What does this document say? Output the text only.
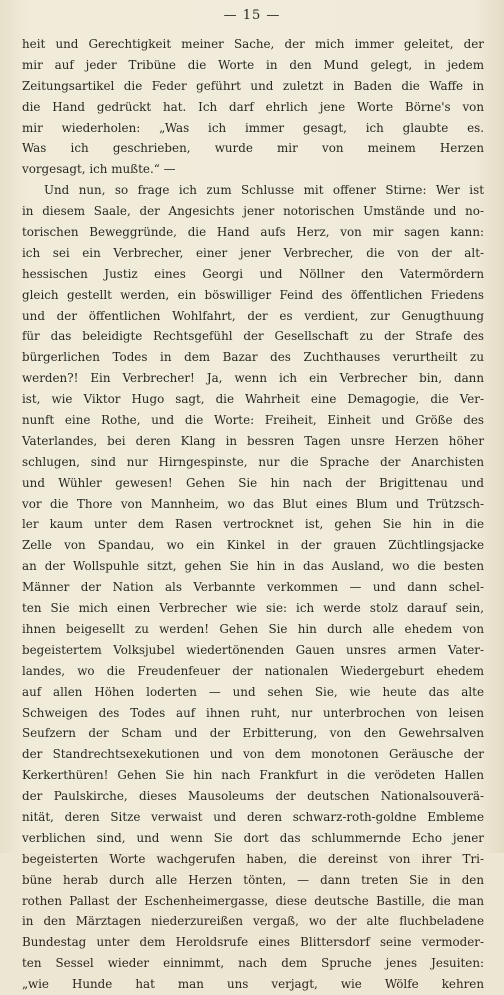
— 15 —
heit und Gerechtigkeit meiner Sache, der mich immer geleitet, der
mir auf jeder Tribüne die Worte in den Mund gelegt, in jedem
Zeitungsartikel die Feder geführt und zuletzt in Baden die Waffe in
die Hand gedrückt hat. Ich darf ehrlich jene Worte Börne's von
mir wiederholen: „Was ich immer gesagt, ich glaubte es.
Was ich geschrieben, wurde mir von meinem Herzen
vorgesagt, ich mußte.“ —
Und nun, so frage ich zum Schlusse mit offener Stirne: Wer ist
in diesem Saale, der Angesichts jener notorischen Umstände und no-
torischen Beweggründe, die Hand aufs Herz, von mir sagen kann:
ich sei ein Verbrecher, einer jener Verbrecher, die von der alt-
hessischen Justiz eines Georgi und Nöllner den Vatermördern
gleich gestellt werden, ein böswilliger Feind des öffentlichen Friedens
und der öffentlichen Wohlfahrt, der es verdient, zur Genugthuung
für das beleidigte Rechtsgefühl der Gesellschaft zu der Strafe des
bürgerlichen Todes in dem Bazar des Zuchthauses verurtheilt zu
werden?! Ein Verbrecher! Ja, wenn ich ein Verbrecher bin, dann
ist, wie Viktor Hugo sagt, die Wahrheit eine Demagogie, die Ver-
nunft eine Rothe, und die Worte: Freiheit, Einheit und Größe des
Vaterlandes, bei deren Klang in bessren Tagen unsre Herzen höher
schlugen, sind nur Hirngespinste, nur die Sprache der Anarchisten
und Wühler gewesen! Gehen Sie hin nach der Brigittenau und
vor die Thore von Mannheim, wo das Blut eines Blum und Trützsch-
ler kaum unter dem Rasen vertrocknet ist, gehen Sie hin in die
Zelle von Spandau, wo ein Kinkel in der grauen Züchtlingsjacke
an der Wollspuhle sitzt, gehen Sie hin in das Ausland, wo die besten
Männer der Nation als Verbannte verkommen — und dann schel-
ten Sie mich einen Verbrecher wie sie: ich werde stolz darauf sein,
ihnen beigesellt zu werden! Gehen Sie hin durch alle ehedem von
begeistertem Volksjubel wiedertönenden Gauen unsres armen Vater-
landes, wo die Freudenfeuer der nationalen Wiedergeburt ehedem
auf allen Höhen loderten — und sehen Sie, wie heute das alte
Schweigen des Todes auf ihnen ruht, nur unterbrochen von leisen
Seufzern der Scham und der Erbitterung, von den Gewehrsalven
der Standrechtsexekutionen und von dem monotonen Geräusche der
Kerkerthüren! Gehen Sie hin nach Frankfurt in die verödeten Hallen
der Paulskirche, dieses Mausoleums der deutschen Nationalsouverä-
nität, deren Sitze verwaist und deren schwarz-roth-goldne Embleme
verblichen sind, und wenn Sie dort das schlummernde Echo jener
begeisterten Worte wachgerufen haben, die dereinst von ihrer Tri-
büne herab durch alle Herzen tönten, — dann treten Sie in den
rothen Pallast der Eschenheimergasse, diese deutsche Bastille, die man
in den Märztagen niederzureißen vergaß, wo der alte fluchbeladene
Bundestag unter dem Heroldsrufe eines Blittersdorf seine vermoder-
ten Sessel wieder einnimmt, nach dem Spruche jenes Jesuiten:
„wie Hunde hat man uns verjagt, wie Wölfe kehren
